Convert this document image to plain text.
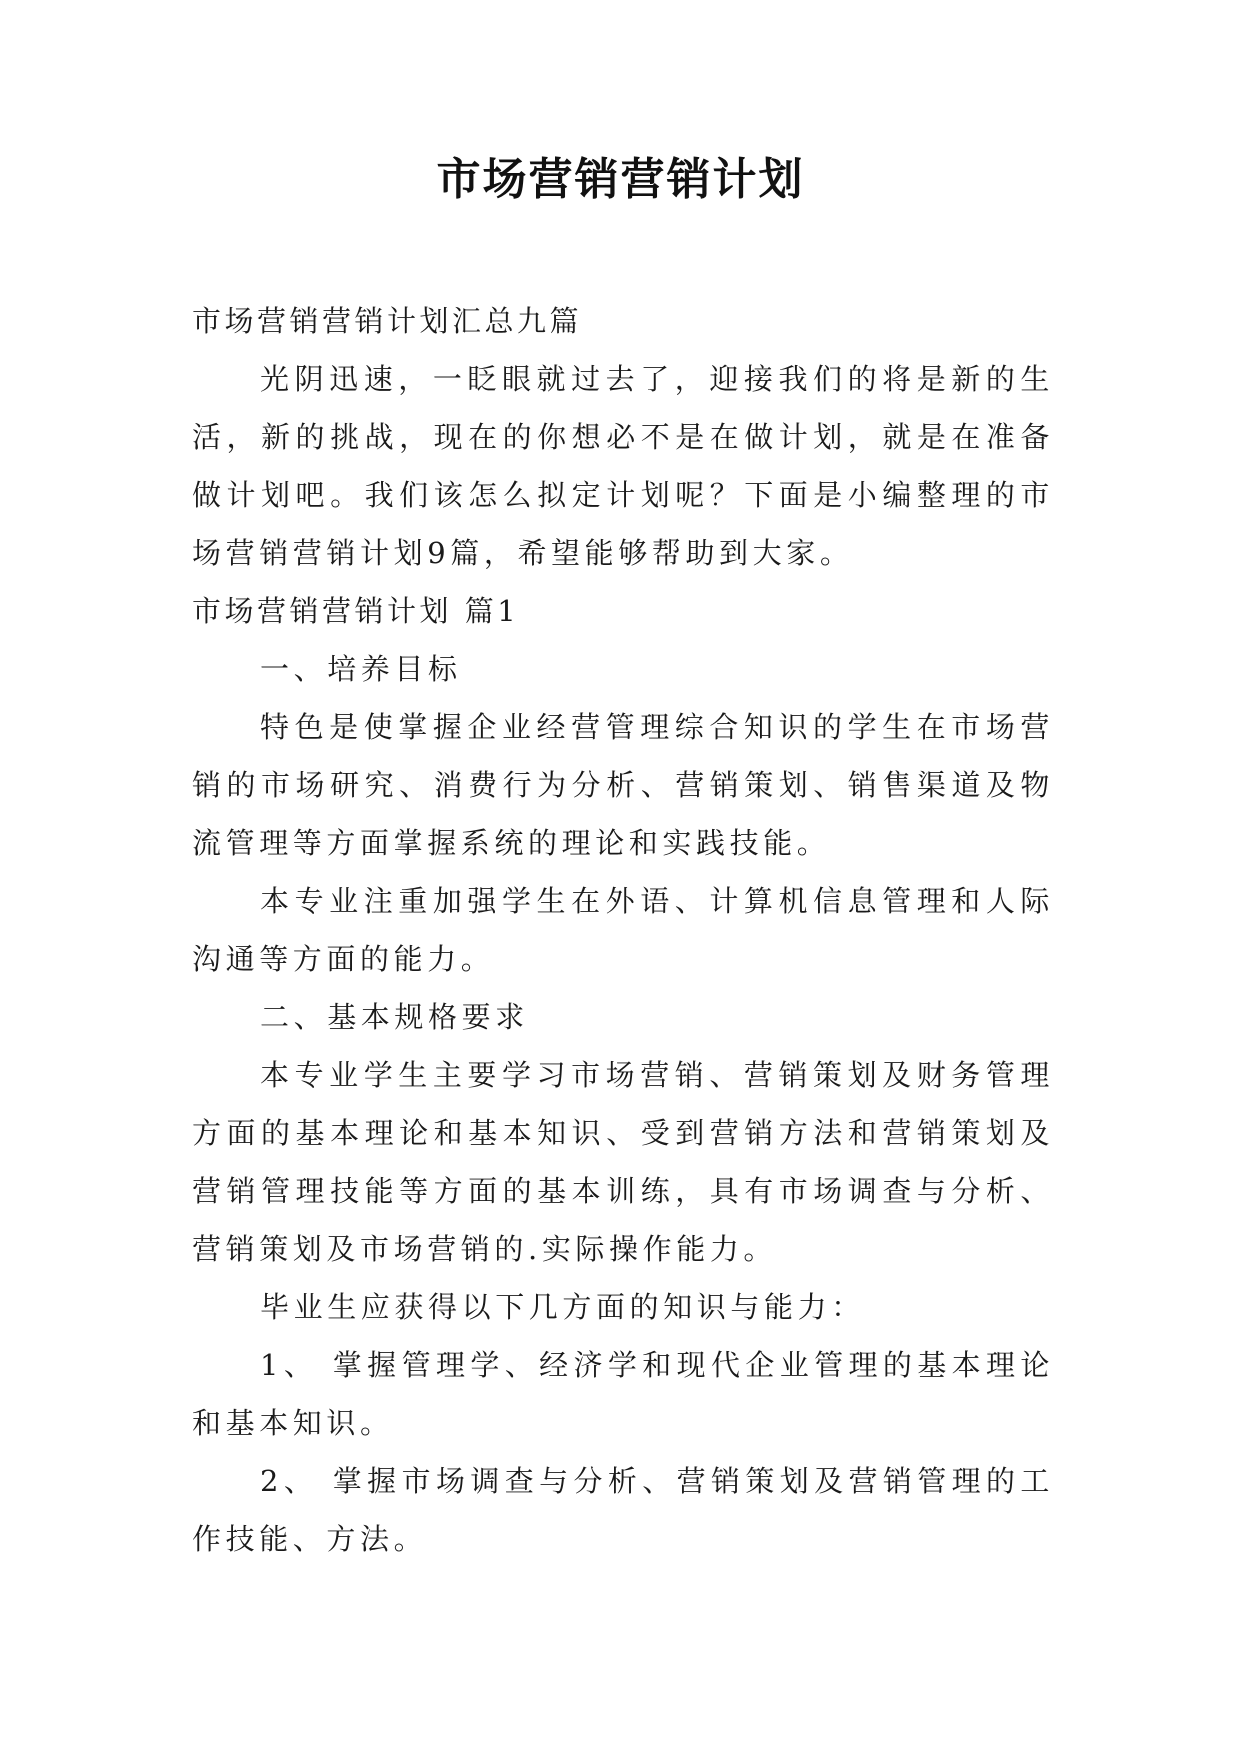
市场营销营销计划

市场营销营销计划汇总九篇

光阴迅速，一眨眼就过去了，迎接我们的将是新的生活，新的挑战，现在的你想必不是在做计划，就是在准备做计划吧。我们该怎么拟定计划呢？下面是小编整理的市场营销营销计划9篇，希望能够帮助到大家。

市场营销营销计划 篇1

一、培养目标

特色是使掌握企业经营管理综合知识的学生在市场营销的市场研究、消费行为分析、营销策划、销售渠道及物流管理等方面掌握系统的理论和实践技能。

本专业注重加强学生在外语、计算机信息管理和人际沟通等方面的能力。

二、基本规格要求

本专业学生主要学习市场营销、营销策划及财务管理方面的基本理论和基本知识、受到营销方法和营销策划及营销管理技能等方面的基本训练，具有市场调查与分析、营销策划及市场营销的.实际操作能力。

毕业生应获得以下几方面的知识与能力：

1、 掌握管理学、经济学和现代企业管理的基本理论和基本知识。

2、 掌握市场调查与分析、营销策划及营销管理的工作技能、方法。
